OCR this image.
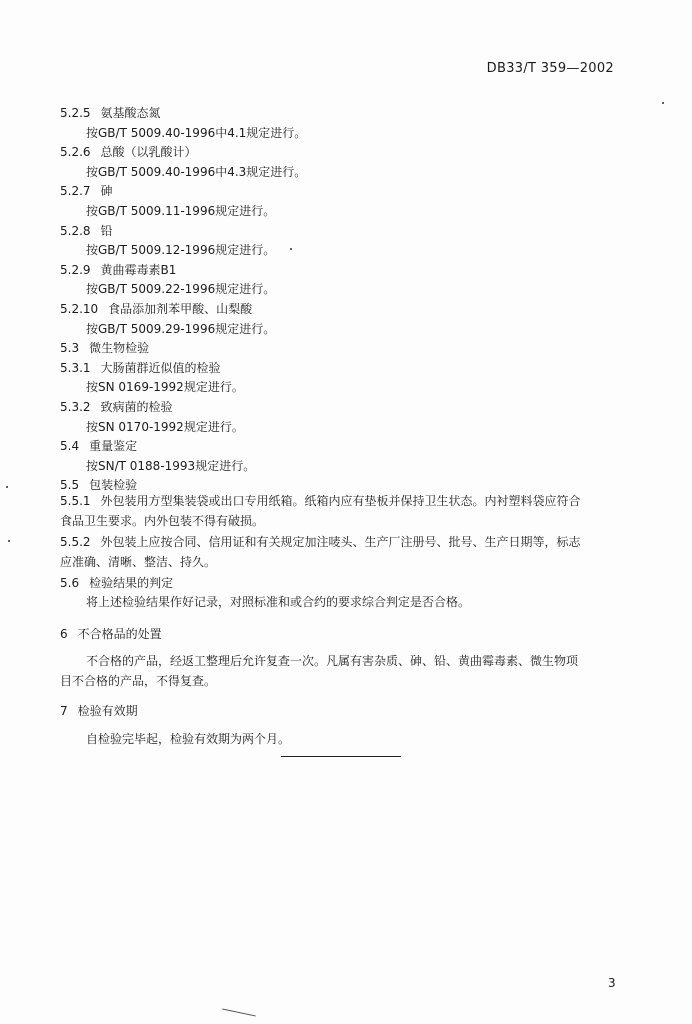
DB33/T 359—2002
5.2.5 氨基酸态氮
按GB/T 5009.40-1996中4.1规定进行。
5.2.6 总酸（以乳酸计）
按GB/T 5009.40-1996中4.3规定进行。
5.2.7 砷
按GB/T 5009.11-1996规定进行。
5.2.8 铅
按GB/T 5009.12-1996规定进行。
5.2.9 黄曲霉毒素B1
按GB/T 5009.22-1996规定进行。
5.2.10 食品添加剂苯甲酸、山梨酸
按GB/T 5009.29-1996规定进行。
5.3 微生物检验
5.3.1 大肠菌群近似值的检验
按SN 0169-1992规定进行。
5.3.2 致病菌的检验
按SN 0170-1992规定进行。
5.4 重量鉴定
按SN/T 0188-1993规定进行。
5.5 包装检验
5.5.1 外包装用方型集装袋或出口专用纸箱。纸箱内应有垫板并保持卫生状态。内衬塑料袋应符合
食品卫生要求。内外包装不得有破损。
5.5.2 外包装上应按合同、信用证和有关规定加注唛头、生产厂注册号、批号、生产日期等，标志
应准确、清晰、整洁、持久。
5.6 检验结果的判定
将上述检验结果作好记录，对照标准和或合约的要求综合判定是否合格。
6 不合格品的处置
不合格的产品，经返工整理后允许复查一次。凡属有害杂质、砷、铅、黄曲霉毒素、微生物项
目不合格的产品，不得复查。
7 检验有效期
自检验完毕起，检验有效期为两个月。
3
